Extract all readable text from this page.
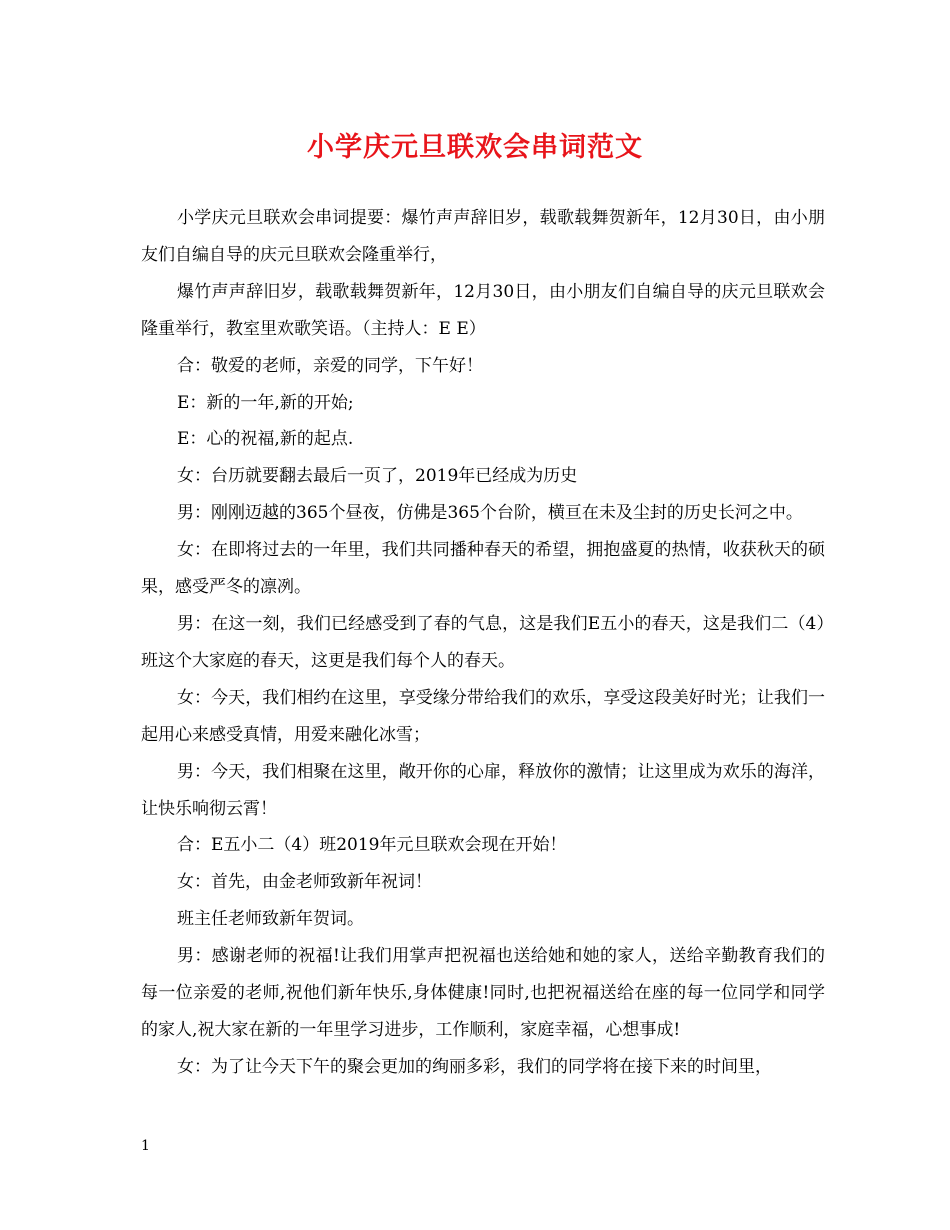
小学庆元旦联欢会串词范文

小学庆元旦联欢会串词提要：爆竹声声辞旧岁，载歌载舞贺新年，12月30日，由小朋友们自编自导的庆元旦联欢会隆重举行，

爆竹声声辞旧岁，载歌载舞贺新年，12月30日，由小朋友们自编自导的庆元旦联欢会隆重举行，教室里欢歌笑语。（主持人：E E）

合：敬爱的老师，亲爱的同学，下午好！

E：新的一年,新的开始;

E：心的祝福,新的起点.

女：台历就要翻去最后一页了，2019年已经成为历史

男：刚刚迈越的365个昼夜，仿佛是365个台阶，横亘在未及尘封的历史长河之中。

女：在即将过去的一年里，我们共同播种春天的希望，拥抱盛夏的热情，收获秋天的硕果，感受严冬的凛冽。

男：在这一刻，我们已经感受到了春的气息，这是我们E五小的春天，这是我们二（4）班这个大家庭的春天，这更是我们每个人的春天。

女：今天，我们相约在这里，享受缘分带给我们的欢乐，享受这段美好时光；让我们一起用心来感受真情，用爱来融化冰雪；

男：今天，我们相聚在这里，敞开你的心扉，释放你的激情；让这里成为欢乐的海洋，让快乐响彻云霄！

合：E五小二（4）班2019年元旦联欢会现在开始！

女：首先，由金老师致新年祝词！

班主任老师致新年贺词。

男：感谢老师的祝福!让我们用掌声把祝福也送给她和她的家人，送给辛勤教育我们的每一位亲爱的老师,祝他们新年快乐,身体健康!同时,也把祝福送给在座的每一位同学和同学的家人,祝大家在新的一年里学习进步，工作顺利，家庭幸福，心想事成!

女：为了让今天下午的聚会更加的绚丽多彩，我们的同学将在接下来的时间里，

1
